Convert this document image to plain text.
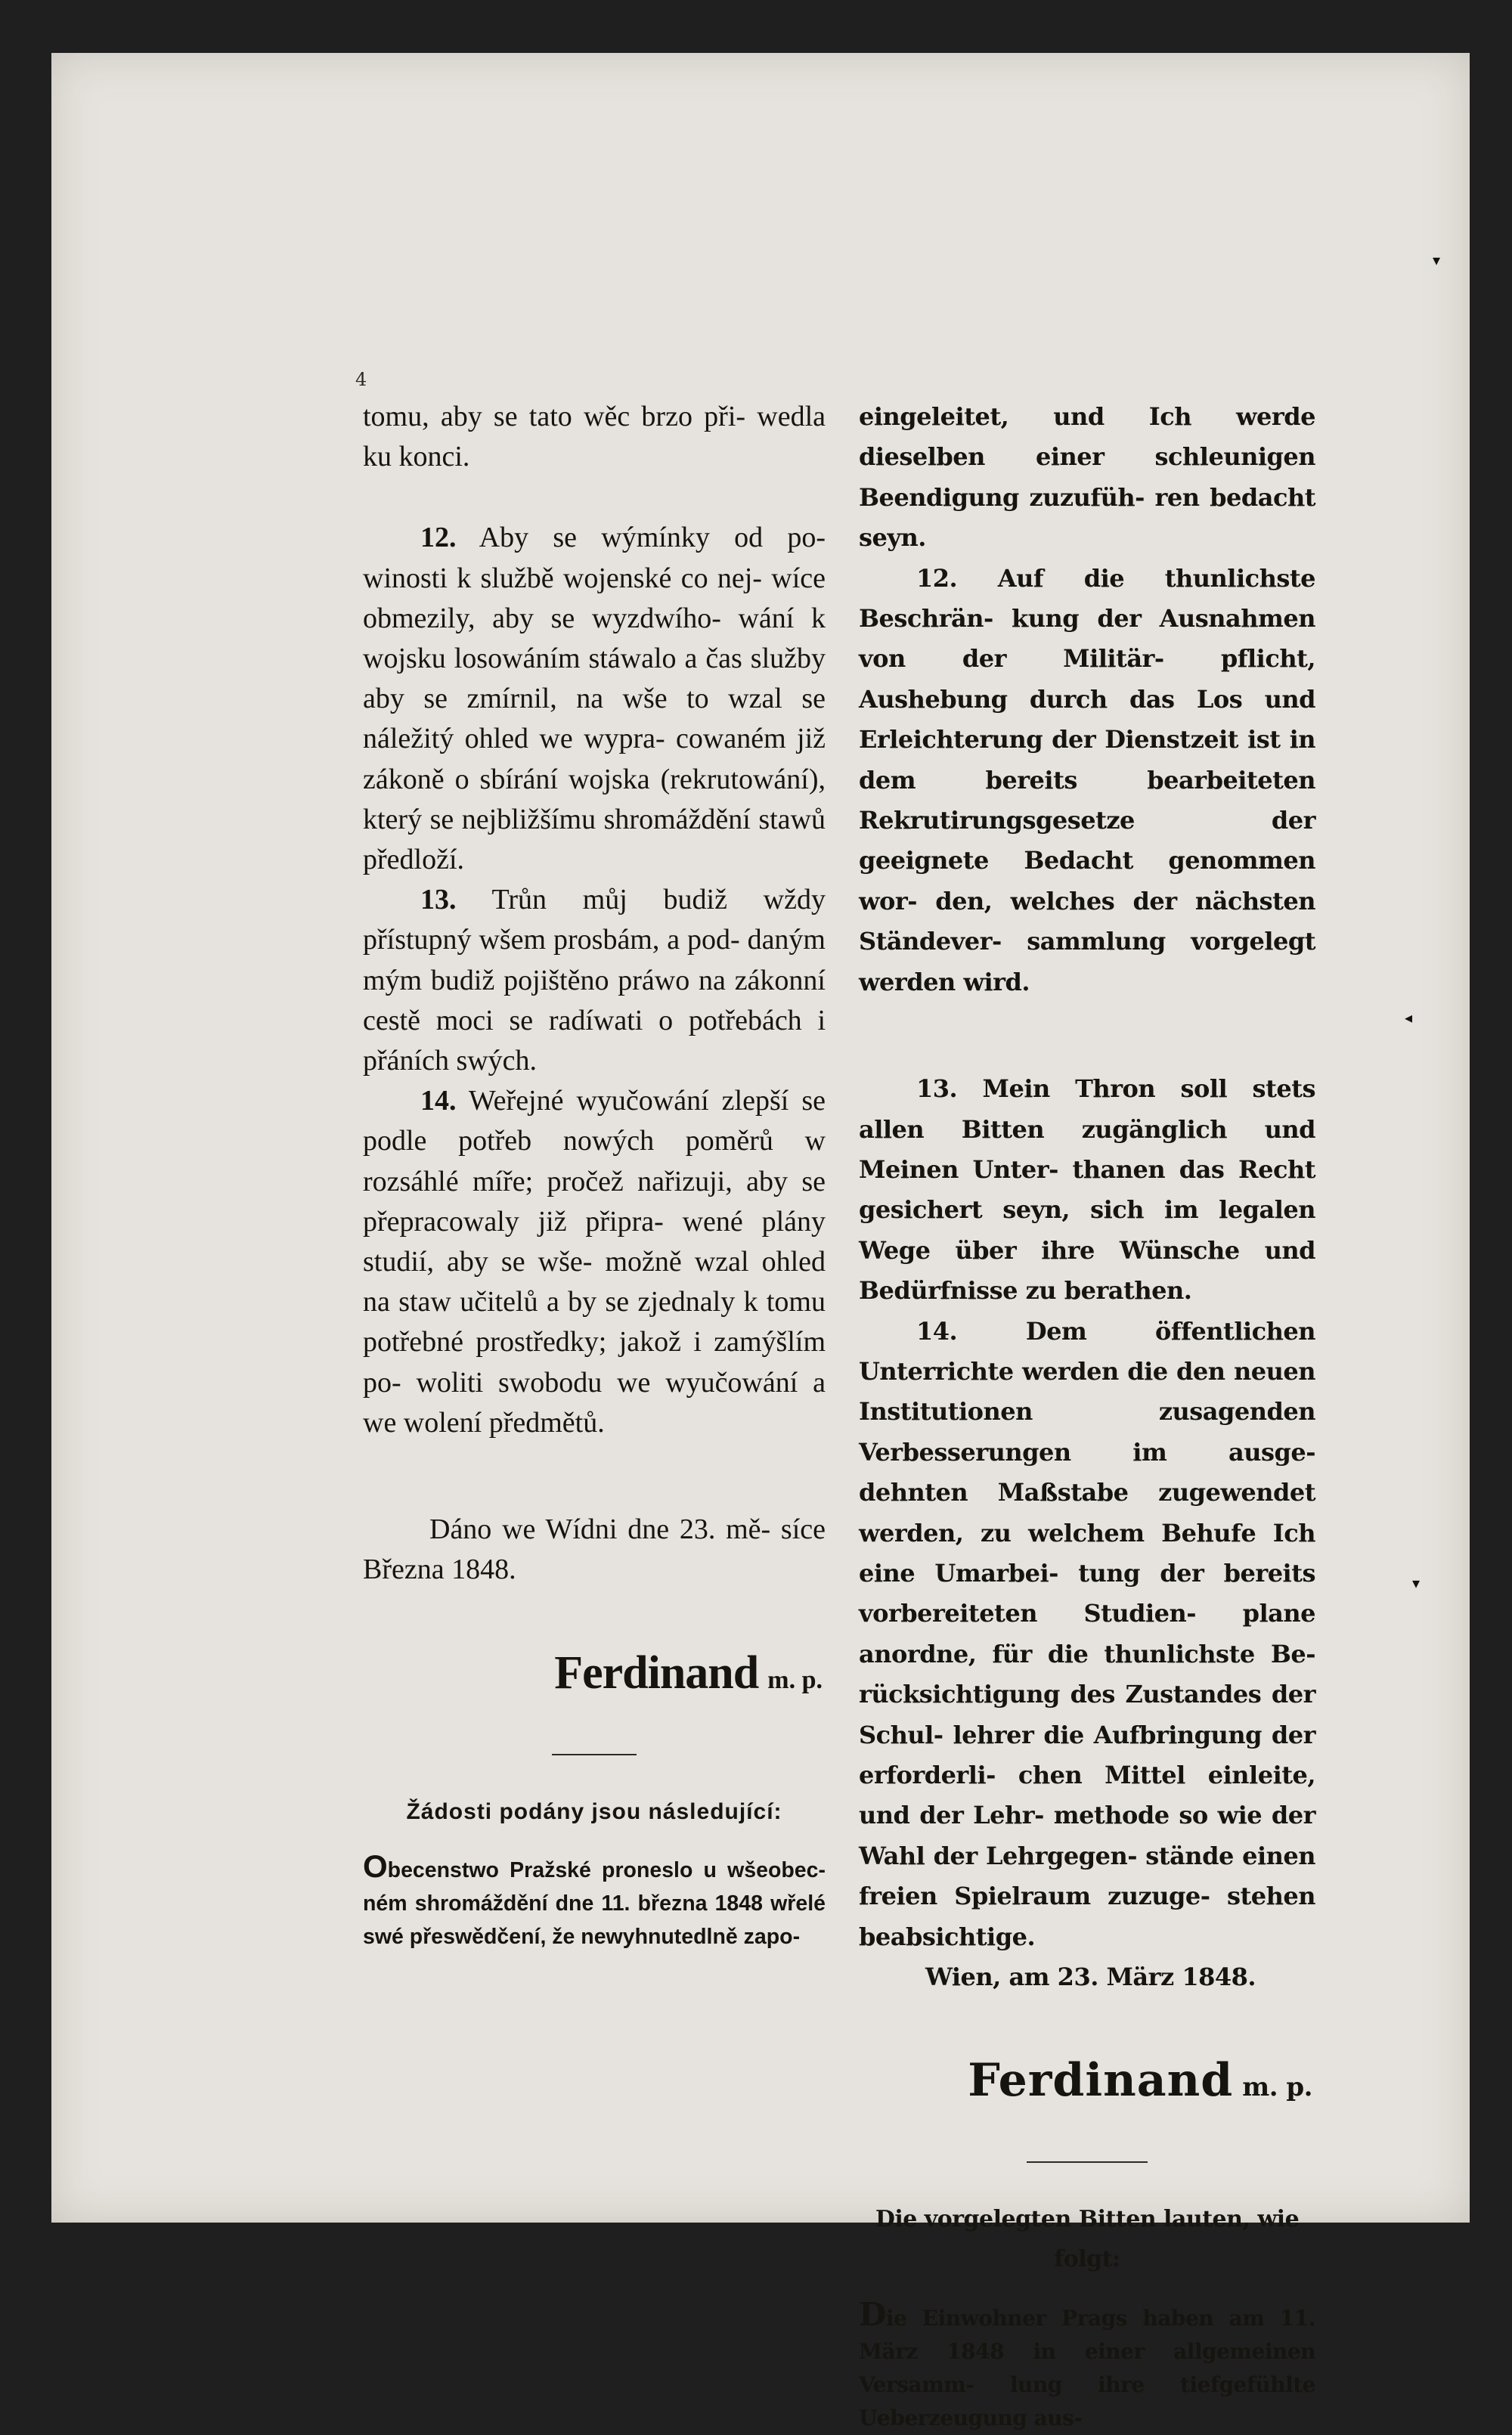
4

tomu, aby se tato wěc brzo při- wedla ku konci.

12. Aby se wýmínky od po- winosti k službě wojenské co nej- wíce obmezily, aby se wyzdwího- wání k wojsku losowáním stáwalo a čas služby aby se zmírnil, na wše to wzal se náležitý ohled we wypra- cowaném již zákoně o sbírání wojska (rekrutowání), který se nejbližšímu shromáždění stawů předloží.

13. Trůn můj budiž wždy přístupný wšem prosbám, a pod- daným mým budiž pojištěno práwo na zákonní cestě moci se radíwati o potřebách i přáních swých.

14. Weřejné wyučowání zlepší se podle potřeb nowých poměrů w rozsáhlé míře; pročež nařizuji, aby se přepracowaly již připra- wené plány studií, aby se wše- možně wzal ohled na staw učitelů a by se zjednaly k tomu potřebné prostředky; jakož i zamýšlím po- woliti swobodu we wyučowání a we wolení předmětů.

Dáno we Wídni dne 23. mě- síce Března 1848.

Ferdinand m. p.

Žádosti podány jsou následující:

Obecenstwo Pražské proneslo u wšeobec- ném shromáždění dne 11. března 1848 wřelé swé přeswědčení, že newyhnutedlně zapo-

eingeleitet, und Ich werde dieselben einer schleunigen Beendigung zuzufüh- ren bedacht seyn.

12. Auf die thunlichste Beschrän- kung der Ausnahmen von der Militär- pflicht, Aushebung durch das Los und Erleichterung der Dienstzeit ist in dem bereits bearbeiteten Rekrutirungsgesetze der geeignete Bedacht genommen wor- den, welches der nächsten Ständever- sammlung vorgelegt werden wird.

13. Mein Thron soll stets allen Bitten zugänglich und Meinen Unter- thanen das Recht gesichert seyn, sich im legalen Wege über ihre Wünsche und Bedürfnisse zu berathen.

14.	Dem öffentlichen Unterrichte werden die den neuen Institutionen zusagenden Verbesserungen im ausge- dehnten Maßstabe zugewendet werden, zu welchem Behufe Ich eine Umarbei- tung der bereits vorbereiteten Studien- plane anordne, für die thunlichste Be- rücksichtigung des Zustandes der Schul- lehrer die Aufbringung der erforderli- chen Mittel einleite, und der Lehr- methode so wie der Wahl der Lehrgegen- stände einen freien Spielraum zuzuge- stehen beabsichtige.

Wien, am 23. März 1848.

Ferdinand m. p.

Die vorgelegten Bitten lauten, wie folgt:

Die Einwohner Prags haben am 11. März 1848 in einer allgemeinen Versamm- lung ihre tiefgefühlte Ueberzeugung aus-

▾
◂
▾
